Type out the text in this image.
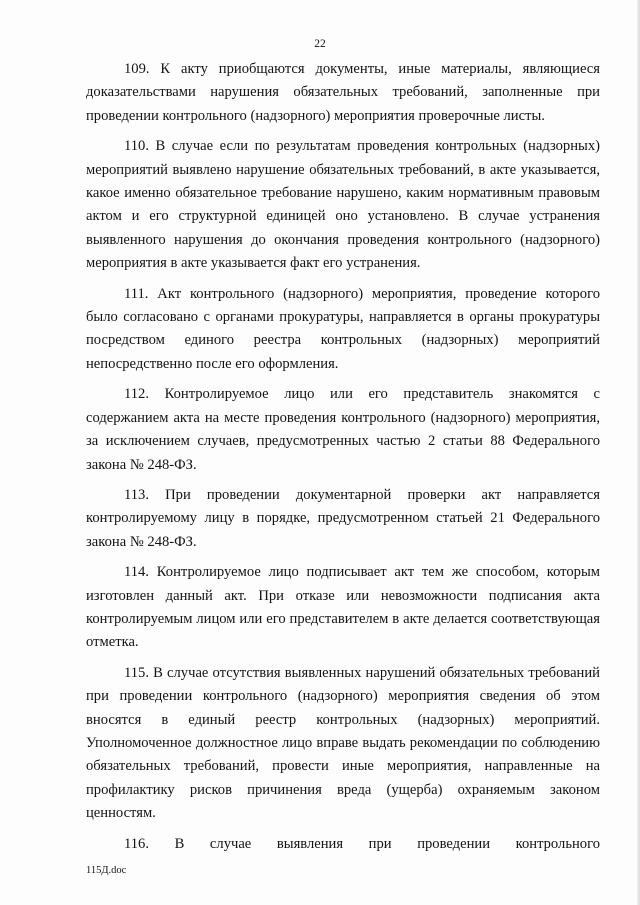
22

109. К акту приобщаются документы, иные материалы, являющиеся доказательствами нарушения обязательных требований, заполненные при проведении контрольного (надзорного) мероприятия проверочные листы.

110. В случае если по результатам проведения контрольных (надзорных) мероприятий выявлено нарушение обязательных требований, в акте указывается, какое именно обязательное требование нарушено, каким нормативным правовым актом и его структурной единицей оно установлено. В случае устранения выявленного нарушения до окончания проведения контрольного (надзорного) мероприятия в акте указывается факт его устранения.

111. Акт контрольного (надзорного) мероприятия, проведение которого было согласовано с органами прокуратуры, направляется в органы прокуратуры посредством единого реестра контрольных (надзорных) мероприятий непосредственно после его оформления.

112. Контролируемое лицо или его представитель знакомятся с содержанием акта на месте проведения контрольного (надзорного) мероприятия, за исключением случаев, предусмотренных частью 2 статьи 88 Федерального закона № 248-ФЗ.

113. При проведении документарной проверки акт направляется контролируемому лицу в порядке, предусмотренном статьей 21 Федерального закона № 248-ФЗ.

114. Контролируемое лицо подписывает акт тем же способом, которым изготовлен данный акт. При отказе или невозможности подписания акта контролируемым лицом или его представителем в акте делается соответствующая отметка.

115. В случае отсутствия выявленных нарушений обязательных требований при проведении контрольного (надзорного) мероприятия сведения об этом вносятся в единый реестр контрольных (надзорных) мероприятий. Уполномоченное должностное лицо вправе выдать рекомендации по соблюдению обязательных требований, провести иные мероприятия, направленные на профилактику рисков причинения вреда (ущерба) охраняемым законом ценностям.

116. В случае выявления при проведении контрольного

115Д.doc
